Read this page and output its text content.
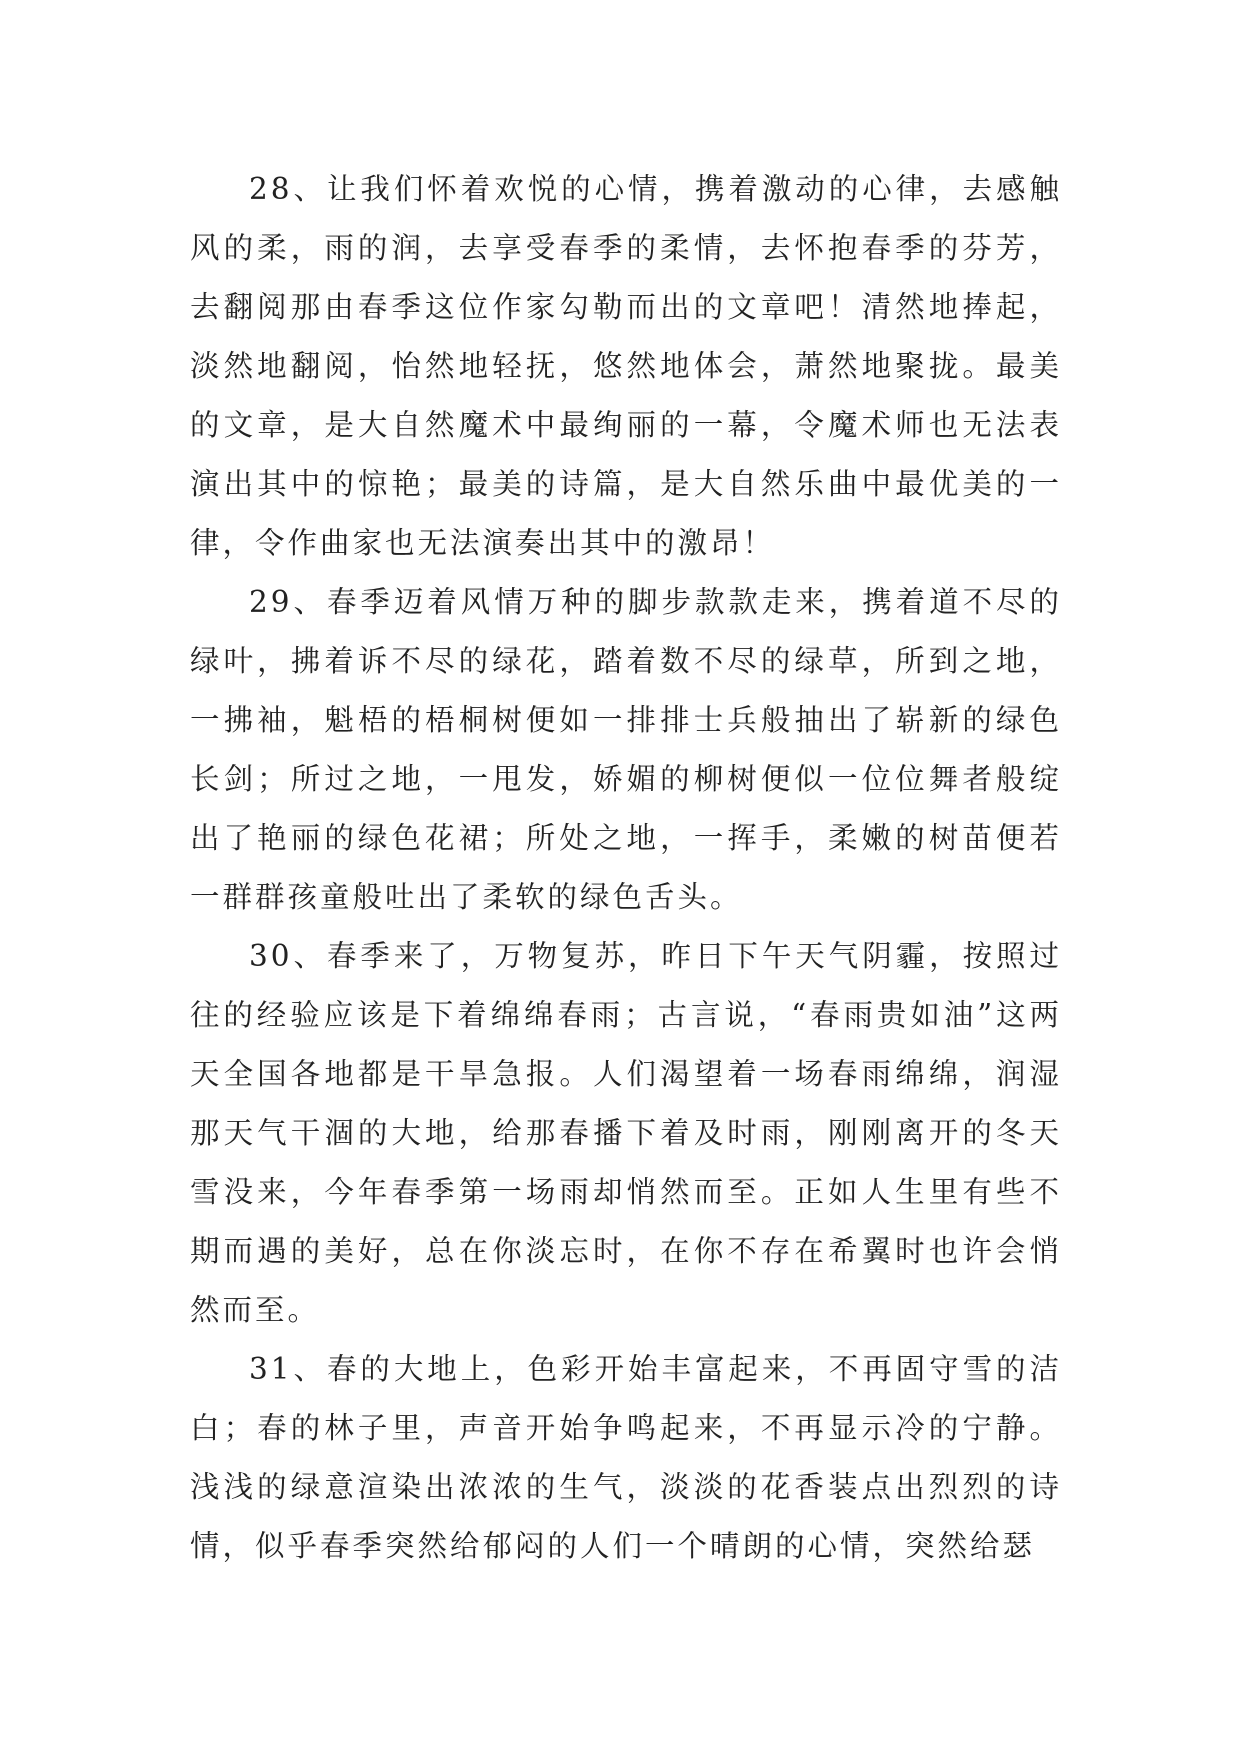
28、让我们怀着欢悦的心情，携着激动的心律，去感触风的柔，雨的润，去享受春季的柔情，去怀抱春季的芬芳，去翻阅那由春季这位作家勾勒而出的文章吧！清然地捧起，淡然地翻阅，怡然地轻抚，悠然地体会，萧然地聚拢。最美的文章，是大自然魔术中最绚丽的一幕，令魔术师也无法表演出其中的惊艳；最美的诗篇，是大自然乐曲中最优美的一律，令作曲家也无法演奏出其中的激昂！

29、春季迈着风情万种的脚步款款走来，携着道不尽的绿叶，拂着诉不尽的绿花，踏着数不尽的绿草，所到之地，一拂袖，魁梧的梧桐树便如一排排士兵般抽出了崭新的绿色长剑；所过之地，一甩发，娇媚的柳树便似一位位舞者般绽出了艳丽的绿色花裙；所处之地，一挥手，柔嫩的树苗便若一群群孩童般吐出了柔软的绿色舌头。

30、春季来了，万物复苏，昨日下午天气阴霾，按照过往的经验应该是下着绵绵春雨；古言说，“春雨贵如油”这两天全国各地都是干旱急报。人们渴望着一场春雨绵绵，润湿那天气干涸的大地，给那春播下着及时雨，刚刚离开的冬天雪没来，今年春季第一场雨却悄然而至。正如人生里有些不期而遇的美好，总在你淡忘时，在你不存在希翼时也许会悄然而至。

31、春的大地上，色彩开始丰富起来，不再固守雪的洁白；春的林子里，声音开始争鸣起来，不再显示冷的宁静。浅浅的绿意渲染出浓浓的生气，淡淡的花香装点出烈烈的诗情，似乎春季突然给郁闷的人们一个晴朗的心情，突然给瑟
